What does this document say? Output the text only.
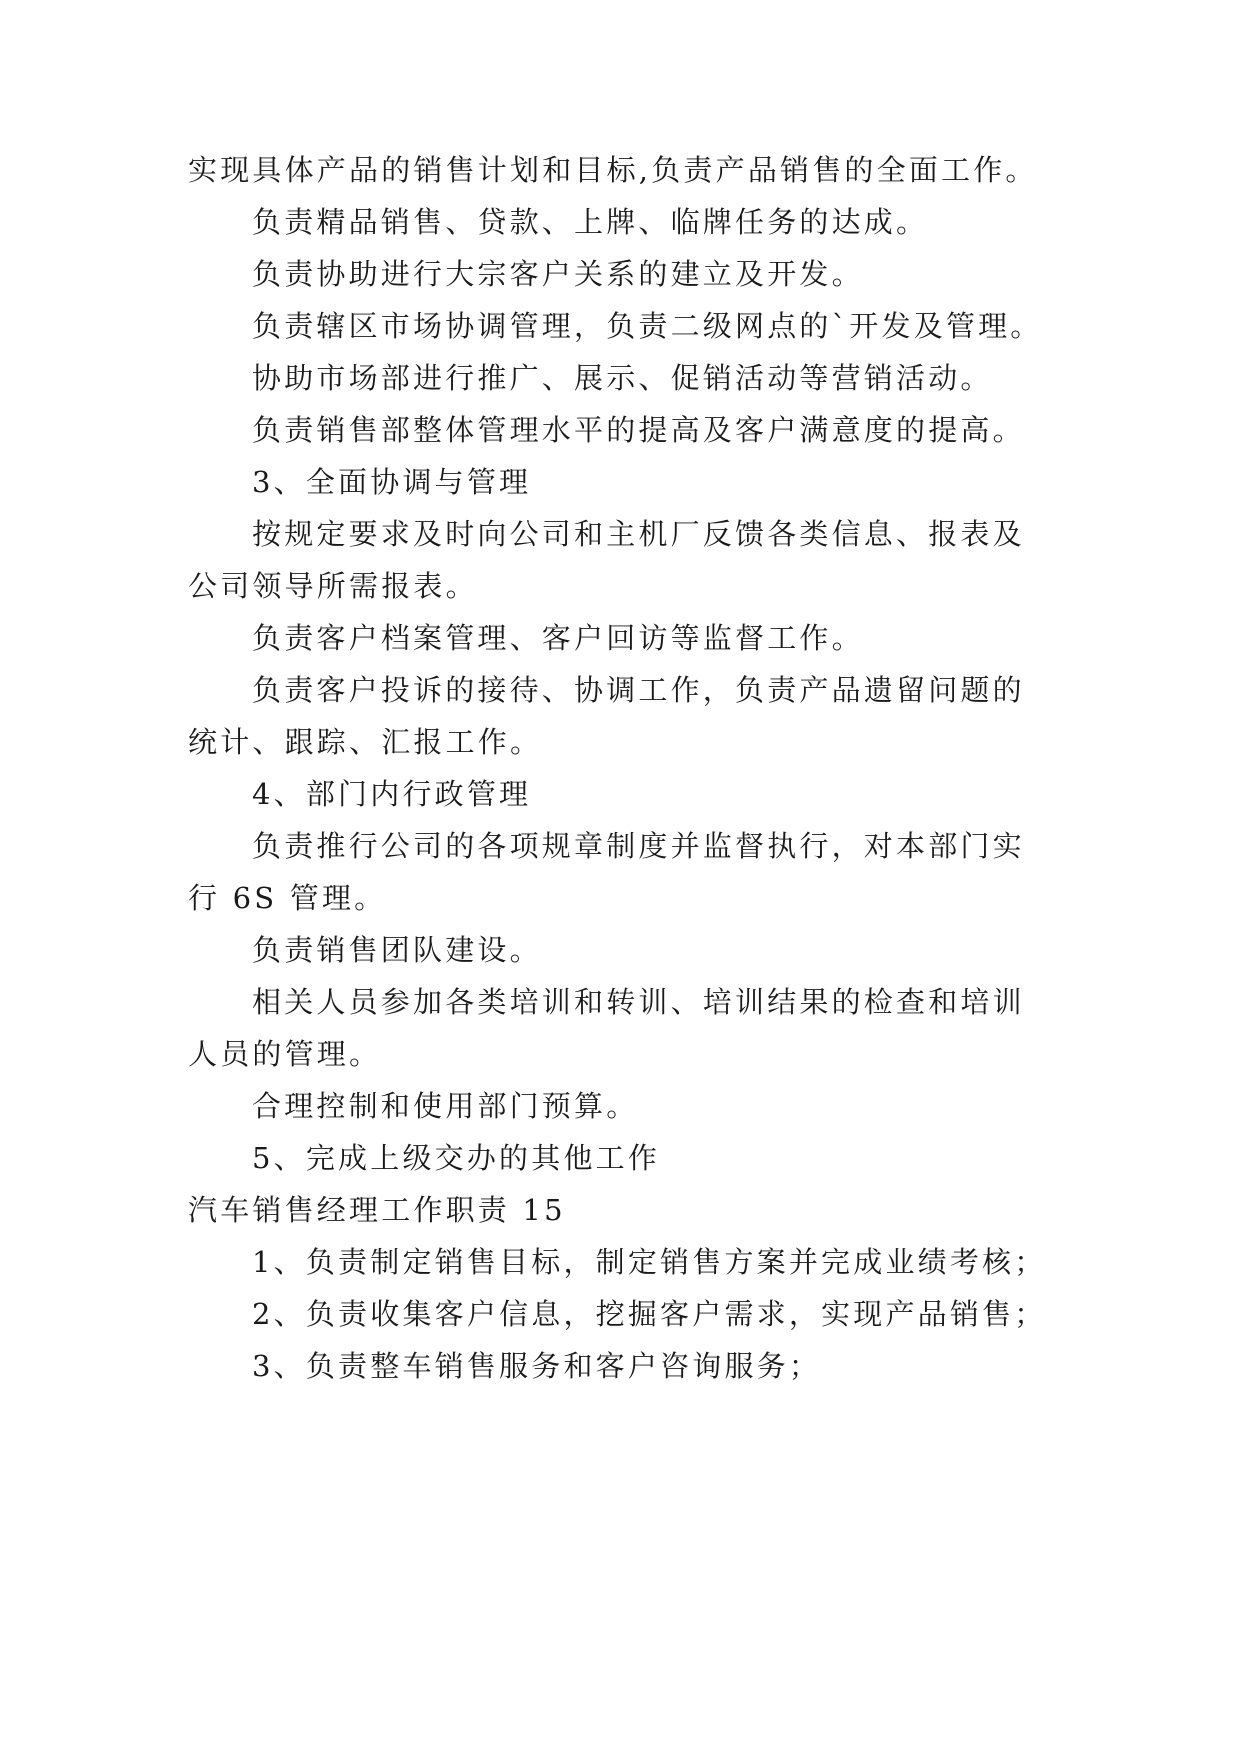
实现具体产品的销售计划和目标,负责产品销售的全面工作。
负责精品销售、贷款、上牌、临牌任务的达成。
负责协助进行大宗客户关系的建立及开发。
负责辖区市场协调管理，负责二级网点的`开发及管理。
协助市场部进行推广、展示、促销活动等营销活动。
负责销售部整体管理水平的提高及客户满意度的提高。
3、全面协调与管理
按规定要求及时向公司和主机厂反馈各类信息、报表及
公司领导所需报表。
负责客户档案管理、客户回访等监督工作。
负责客户投诉的接待、协调工作，负责产品遗留问题的
统计、跟踪、汇报工作。
4、部门内行政管理
负责推行公司的各项规章制度并监督执行，对本部门实
行 6S 管理。
负责销售团队建设。
相关人员参加各类培训和转训、培训结果的检查和培训
人员的管理。
合理控制和使用部门预算。
5、完成上级交办的其他工作
汽车销售经理工作职责 15
1、负责制定销售目标，制定销售方案并完成业绩考核；
2、负责收集客户信息，挖掘客户需求，实现产品销售；
3、负责整车销售服务和客户咨询服务；
